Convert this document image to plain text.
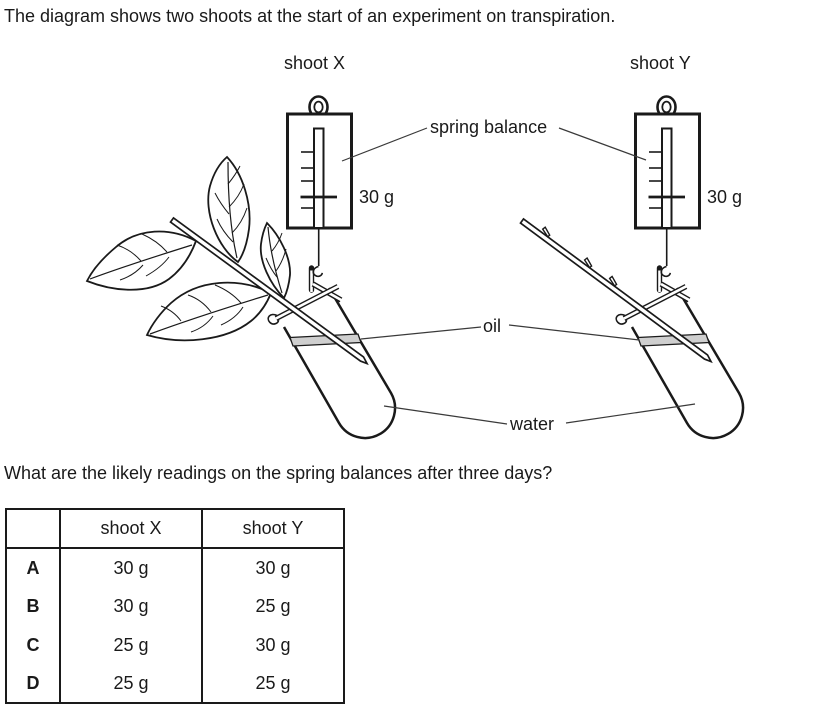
The diagram shows two shoots at the start of an experiment on transpiration.
shoot X	shoot Y
spring balance
30 g	30 g
oil
water
What are the likely readings on the spring balances after three days?
	shoot X	shoot Y
A	30 g	30 g
B	30 g	25 g
C	25 g	30 g
D	25 g	25 g
